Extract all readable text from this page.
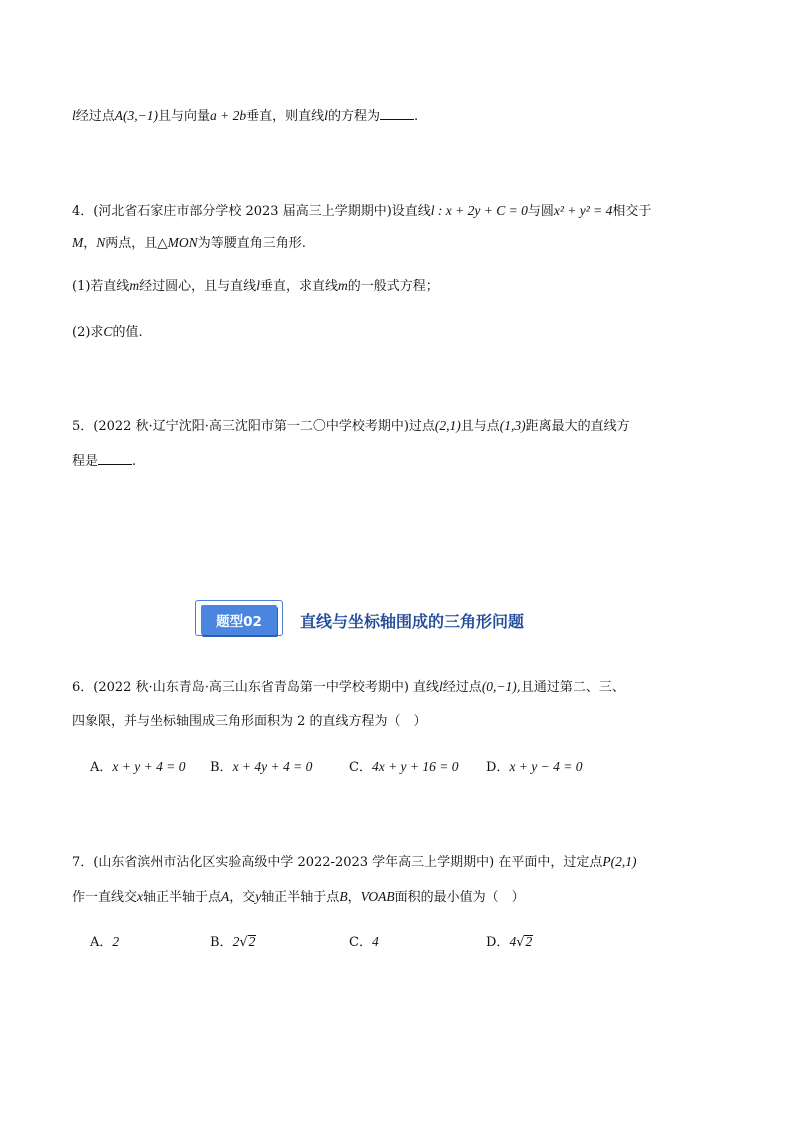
l经过点A(3,−1)且与向量a + 2b垂直，则直线l的方程为	.
4．(河北省石家庄市部分学校 2023 届高三上学期期中)设直线l : x + 2y + C = 0与圆x² + y² = 4相交于
M，N两点，且△MON为等腰直角三角形.
(1)若直线m经过圆心，且与直线l垂直，求直线m的一般式方程；
(2)求C的值.
5．(2022 秋·辽宁沈阳·高三沈阳市第一二〇中学校考期中)过点(2,1)且与点(1,3)距离最大的直线方
程是	.
题型02	直线与坐标轴围成的三角形问题
6．(2022 秋·山东青岛·高三山东省青岛第一中学校考期中) 直线l经过点(0,−1),且通过第二、三、
四象限，并与坐标轴围成三角形面积为 2 的直线方程为（　）
A．x + y + 4 = 0 B．x + 4y + 4 = 0	C．4x + y + 16 = 0 D．x + y − 4 = 0
7．(山东省滨州市沾化区实验高级中学 2022-2023 学年高三上学期期中) 在平面中，过定点P(2,1)
作一直线交x轴正半轴于点A，交y轴正半轴于点B，VOAB面积的最小值为（　）
A．2	B．2√2	C．4	D．4√2
